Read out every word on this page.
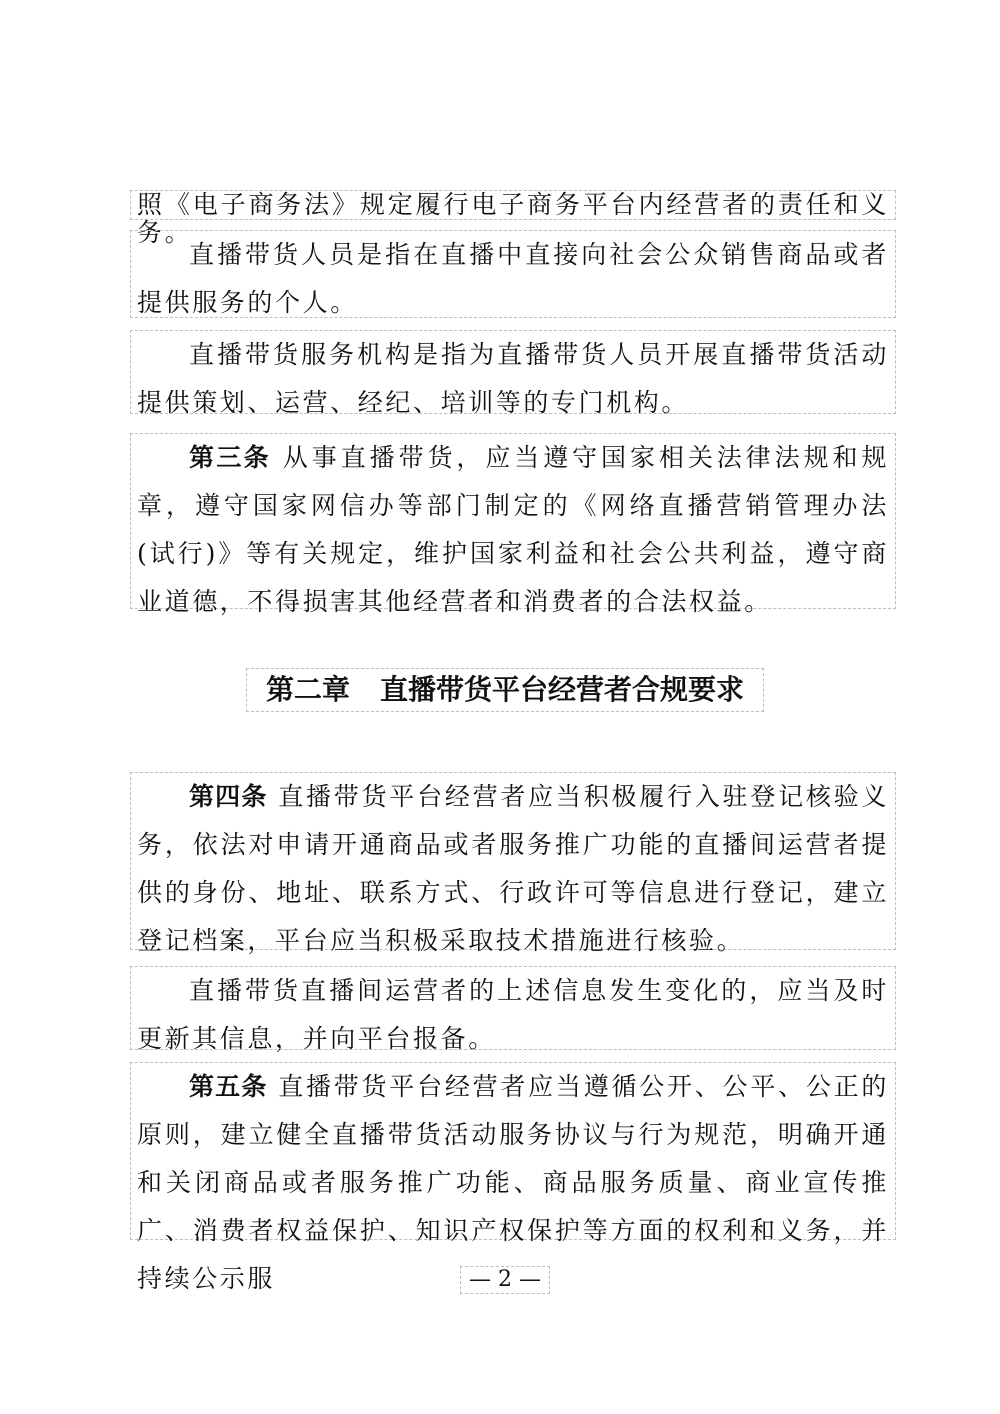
照《电子商务法》规定履行电子商务平台内经营者的责任和义务。
直播带货人员是指在直播中直接向社会公众销售商品或者提供服务的个人。
直播带货服务机构是指为直播带货人员开展直播带货活动提供策划、运营、经纪、培训等的专门机构。
第三条 从事直播带货，应当遵守国家相关法律法规和规章，遵守国家网信办等部门制定的《网络直播营销管理办法(试行)》等有关规定，维护国家利益和社会公共利益，遵守商业道德，不得损害其他经营者和消费者的合法权益。
第二章 直播带货平台经营者合规要求
第四条 直播带货平台经营者应当积极履行入驻登记核验义务，依法对申请开通商品或者服务推广功能的直播间运营者提供的身份、地址、联系方式、行政许可等信息进行登记，建立登记档案，平台应当积极采取技术措施进行核验。
直播带货直播间运营者的上述信息发生变化的，应当及时更新其信息，并向平台报备。
第五条 直播带货平台经营者应当遵循公开、公平、公正的原则，建立健全直播带货活动服务协议与行为规范，明确开通和关闭商品或者服务推广功能、商品服务质量、商业宣传推广、消费者权益保护、知识产权保护等方面的权利和义务，并持续公示服	— 2 —
